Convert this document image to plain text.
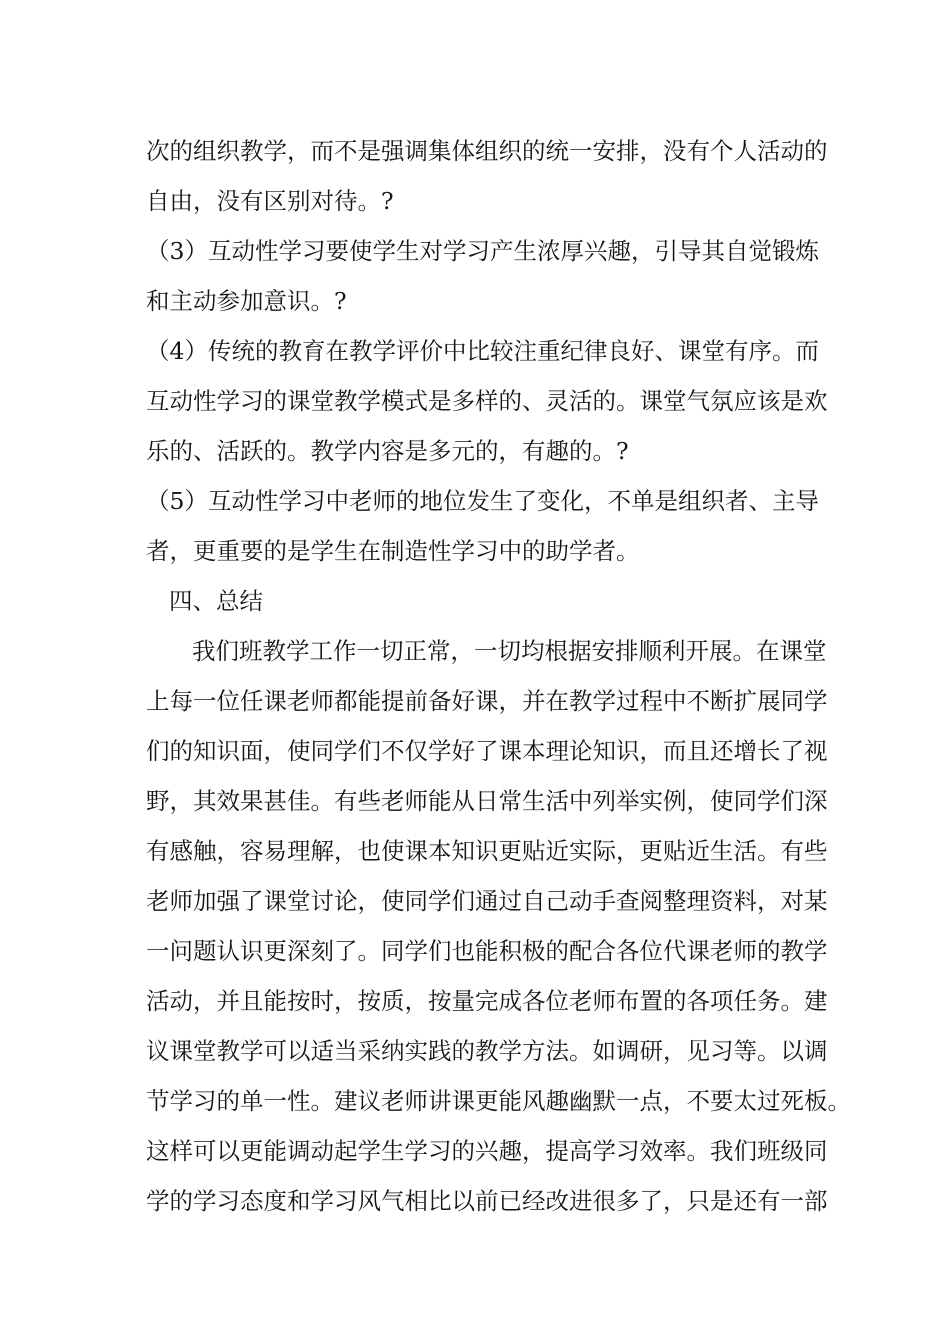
次的组织教学，而不是强调集体组织的统一安排，没有个人活动的
自由，没有区别对待。?
（3）互动性学习要使学生对学习产生浓厚兴趣，引导其自觉锻炼
和主动参加意识。?
（4）传统的教育在教学评价中比较注重纪律良好、课堂有序。而
互动性学习的课堂教学模式是多样的、灵活的。课堂气氛应该是欢
乐的、活跃的。教学内容是多元的，有趣的。?
（5）互动性学习中老师的地位发生了变化，不单是组织者、主导
者，更重要的是学生在制造性学习中的助学者。
四、总结
我们班教学工作一切正常，一切均根据安排顺利开展。在课堂
上每一位任课老师都能提前备好课，并在教学过程中不断扩展同学
们的知识面，使同学们不仅学好了课本理论知识，而且还增长了视
野，其效果甚佳。有些老师能从日常生活中列举实例，使同学们深
有感触，容易理解，也使课本知识更贴近实际，更贴近生活。有些
老师加强了课堂讨论，使同学们通过自己动手查阅整理资料，对某
一问题认识更深刻了。同学们也能积极的配合各位代课老师的教学
活动，并且能按时，按质，按量完成各位老师布置的各项任务。建
议课堂教学可以适当采纳实践的教学方法。如调研，见习等。以调
节学习的单一性。建议老师讲课更能风趣幽默一点，不要太过死板。
这样可以更能调动起学生学习的兴趣，提高学习效率。我们班级同
学的学习态度和学习风气相比以前已经改进很多了，只是还有一部
